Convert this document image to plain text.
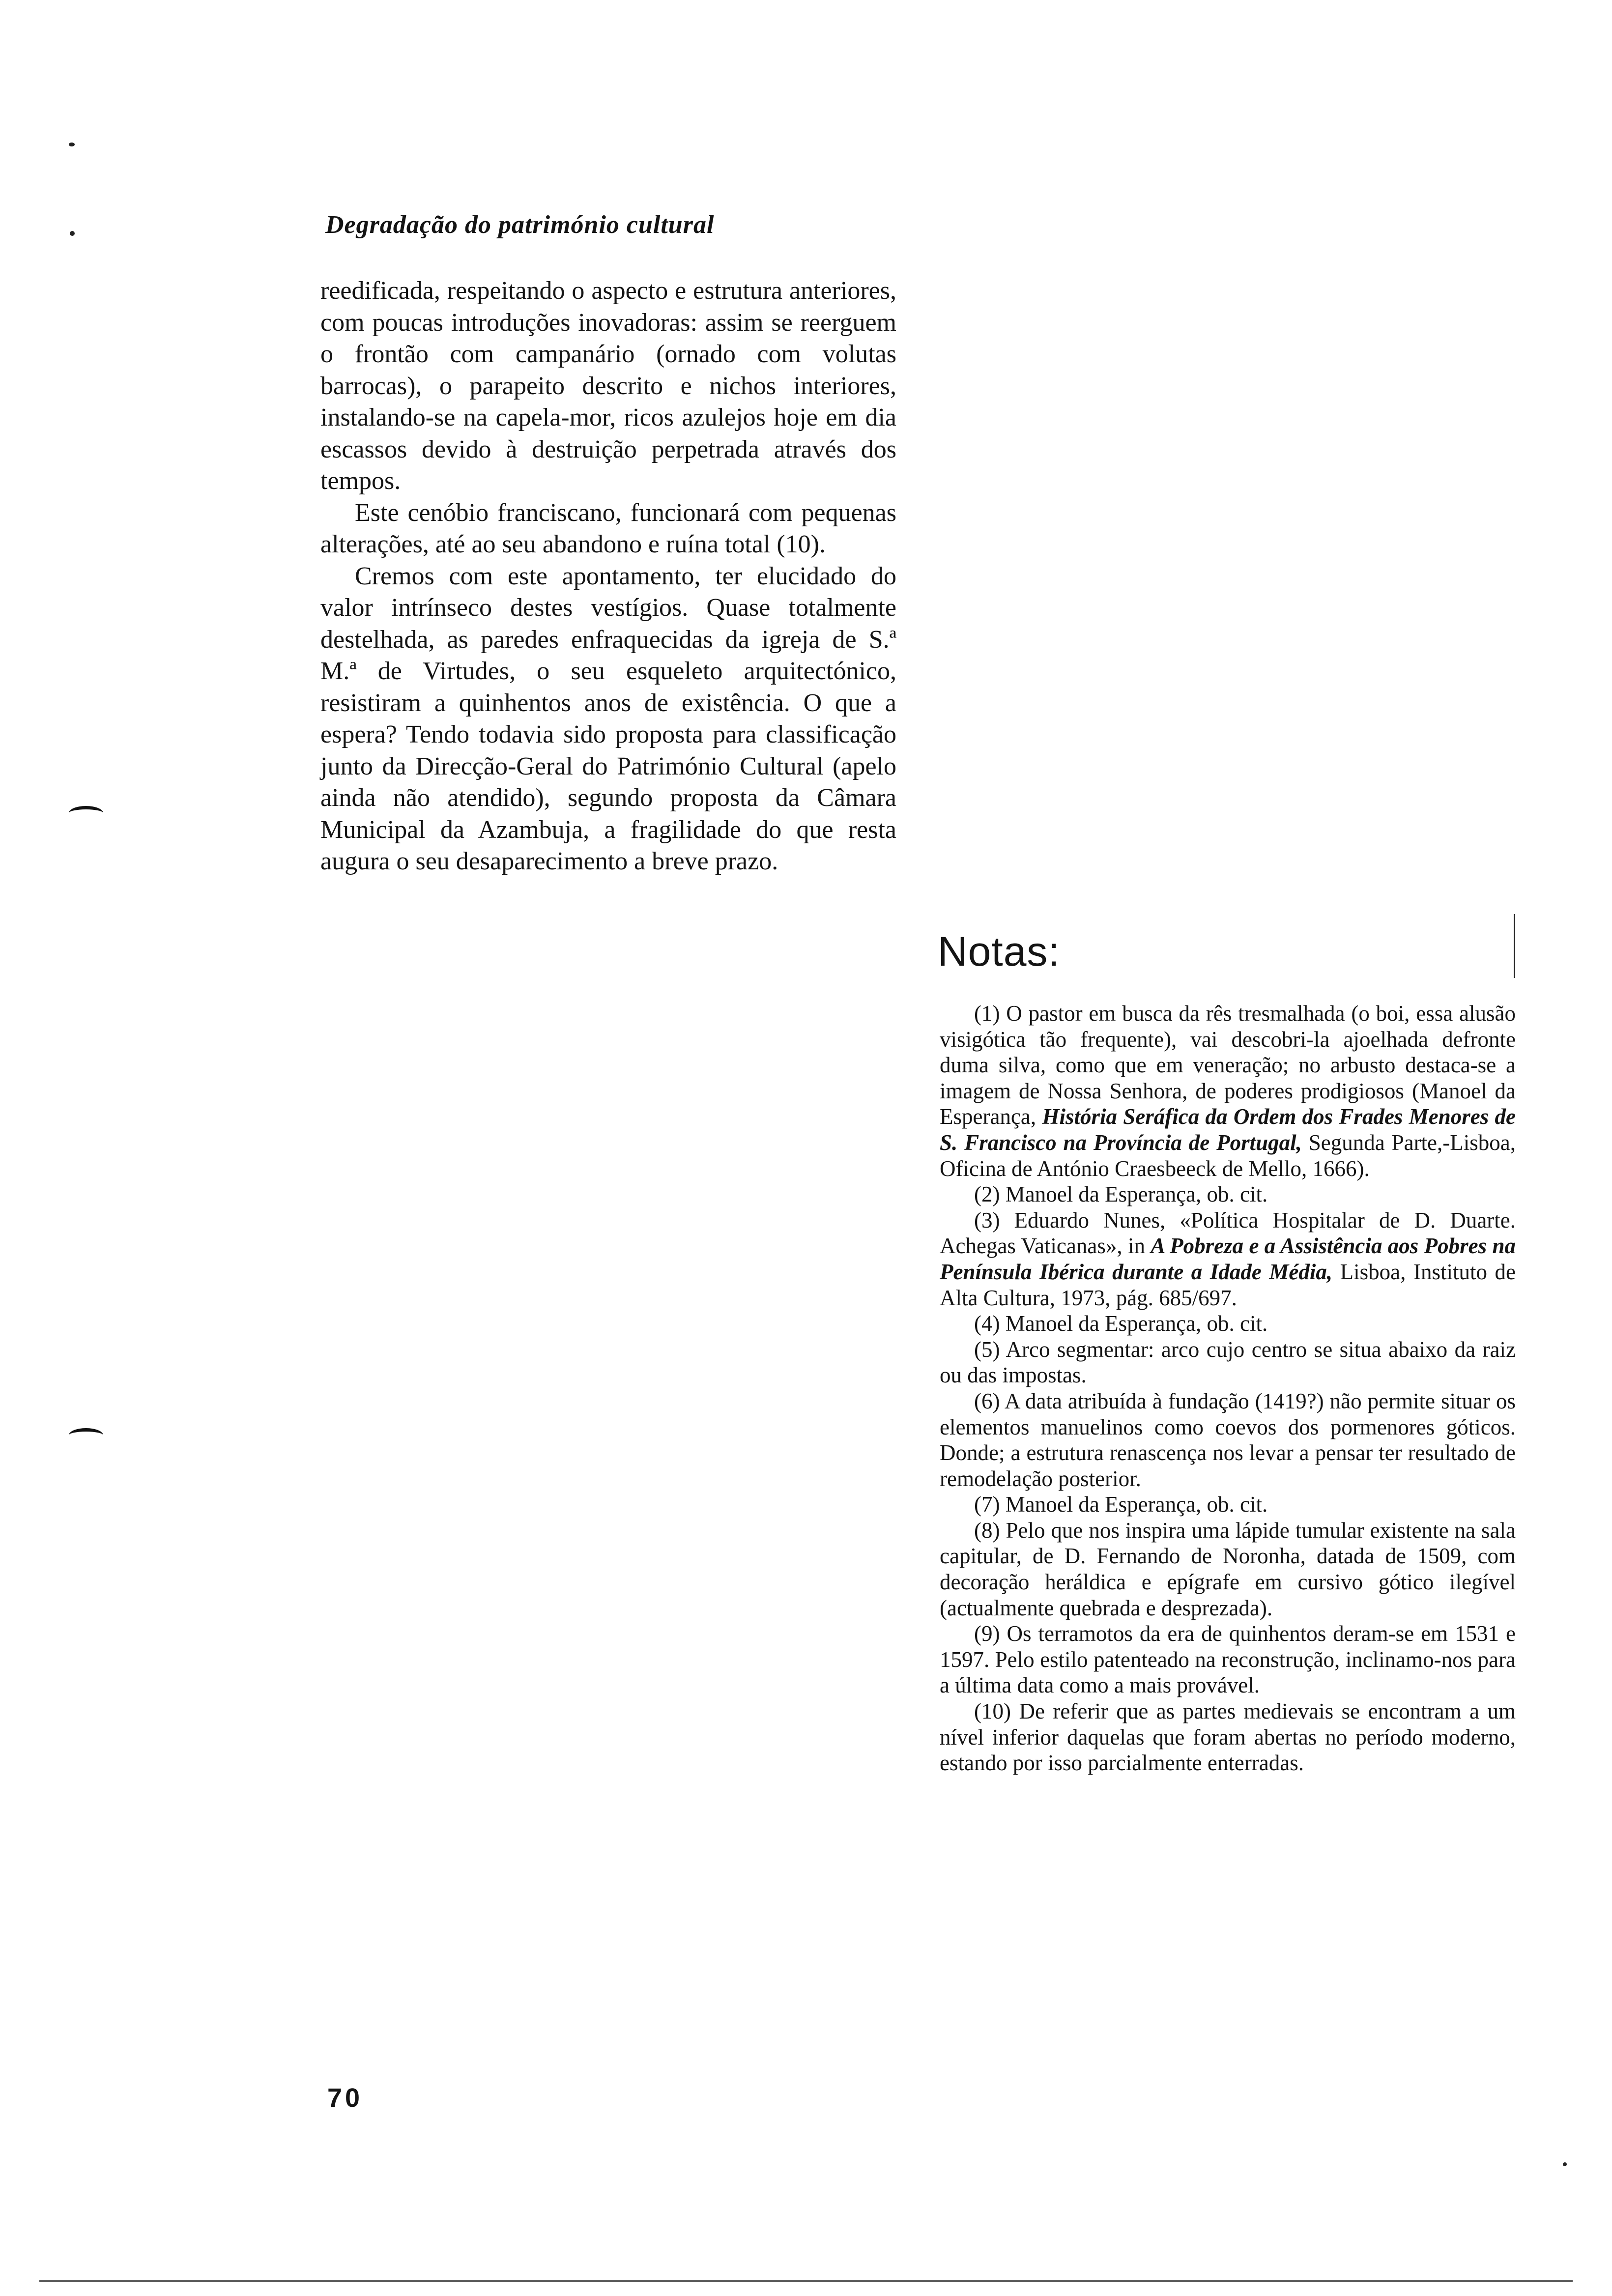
Degradação do património cultural

reedificada, respeitando o aspecto e estrutura anteriores, com poucas introduções inovadoras: assim se reerguem o frontão com campanário (ornado com volutas barrocas), o parapeito descrito e nichos interiores, instalando-se na capela-mor, ricos azulejos hoje em dia escassos devido à destruição perpetrada através dos tempos.

Este cenóbio franciscano, funcionará com pequenas alterações, até ao seu abandono e ruína total (10).

Cremos com este apontamento, ter elucidado do valor intrínseco destes vestígios. Quase totalmente destelhada, as paredes enfraquecidas da igreja de S.ª M.ª de Virtudes, o seu esqueleto arquitectónico, resistiram a quinhentos anos de existência. O que a espera? Tendo todavia sido proposta para classificação junto da Direcção-Geral do Património Cultural (apelo ainda não atendido), segundo proposta da Câmara Municipal da Azambuja, a fragilidade do que resta augura o seu desaparecimento a breve prazo.

Notas:

(1) O pastor em busca da rês tresmalhada (o boi, essa alusão visigótica tão frequente), vai descobri-la ajoelhada defronte duma silva, como que em veneração; no arbusto destaca-se a imagem de Nossa Senhora, de poderes prodigiosos (Manoel da Esperança, História Seráfica da Ordem dos Frades Menores de S. Francisco na Província de Portugal, Segunda Parte,-Lisboa, Oficina de António Craesbeeck de Mello, 1666).

(2) Manoel da Esperança, ob. cit.

(3) Eduardo Nunes, «Política Hospitalar de D. Duarte. Achegas Vaticanas», in A Pobreza e a Assistência aos Pobres na Península Ibérica durante a Idade Média, Lisboa, Instituto de Alta Cultura, 1973, pág. 685/697.

(4) Manoel da Esperança, ob. cit.

(5) Arco segmentar: arco cujo centro se situa abaixo da raiz ou das impostas.

(6) A data atribuída à fundação (1419?) não permite situar os elementos manuelinos como coevos dos pormenores góticos. Donde; a estrutura renascença nos levar a pensar ter resultado de remodelação posterior.

(7) Manoel da Esperança, ob. cit.

(8) Pelo que nos inspira uma lápide tumular existente na sala capitular, de D. Fernando de Noronha, datada de 1509, com decoração heráldica e epígrafe em cursivo gótico ilegível (actualmente quebrada e desprezada).

(9) Os terramotos da era de quinhentos deram-se em 1531 e 1597. Pelo estilo patenteado na reconstrução, inclinamo-nos para a última data como a mais provável.

(10) De referir que as partes medievais se encontram a um nível inferior daquelas que foram abertas no período moderno, estando por isso parcialmente enterradas.

70
